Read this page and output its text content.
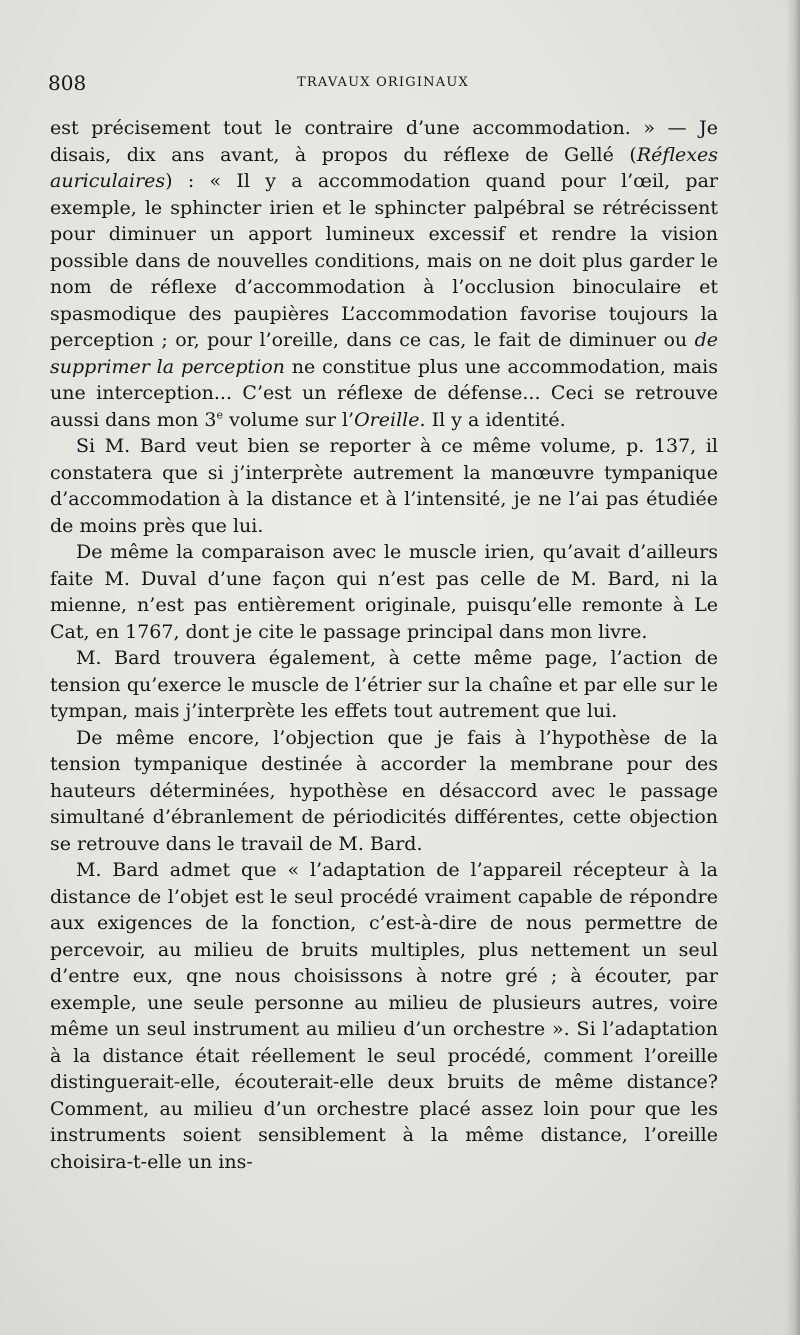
808	TRAVAUX ORIGINAUX

est précisement tout le contraire d’une accommodation. » — Je disais, dix ans avant, à propos du réflexe de Gellé (Réflexes auriculaires) : « Il y a accommodation quand pour l’œil, par exemple, le sphincter irien et le sphincter palpébral se rétrécissent pour diminuer un apport lumineux excessif et rendre la vision possible dans de nouvelles conditions, mais on ne doit plus garder le nom de réflexe d’accommodation à l’occlusion binoculaire et spasmodique des paupières L’accommodation favorise toujours la perception ; or, pour l’oreille, dans ce cas, le fait de diminuer ou de supprimer la perception ne constitue plus une accommodation, mais une interception... C’est un réflexe de défense... Ceci se retrouve aussi dans mon 3e volume sur l’Oreille. Il y a identité.

Si M. Bard veut bien se reporter à ce même volume, p. 137, il constatera que si j’interprète autrement la manœuvre tympanique d’accommodation à la distance et à l’intensité, je ne l’ai pas étudiée de moins près que lui.

De même la comparaison avec le muscle irien, qu’avait d’ailleurs faite M. Duval d’une façon qui n’est pas celle de M. Bard, ni la mienne, n’est pas entièrement originale, puisqu’elle remonte à Le Cat, en 1767, dont je cite le passage principal dans mon livre.

M. Bard trouvera également, à cette même page, l’action de tension qu’exerce le muscle de l’étrier sur la chaîne et par elle sur le tympan, mais j’interprète les effets tout autrement que lui.

De même encore, l’objection que je fais à l’hypothèse de la tension tympanique destinée à accorder la membrane pour des hauteurs déterminées, hypothèse en désaccord avec le passage simultané d’ébranlement de périodicités différentes, cette objection se retrouve dans le travail de M. Bard.

M. Bard admet que « l’adaptation de l’appareil récepteur à la distance de l’objet est le seul procédé vraiment capable de répondre aux exigences de la fonction, c’est-à-dire de nous permettre de percevoir, au milieu de bruits multiples, plus nettement un seul d’entre eux, qne nous choisissons à notre gré ; à écouter, par exemple, une seule personne au milieu de plusieurs autres, voire même un seul instrument au milieu d’un orchestre ». Si l’adaptation à la distance était réellement le seul procédé, comment l’oreille distinguerait-elle, écouterait-elle deux bruits de même distance? Comment, au milieu d’un orchestre placé assez loin pour que les instruments soient sensiblement à la même distance, l’oreille choisira-t-elle un ins-
